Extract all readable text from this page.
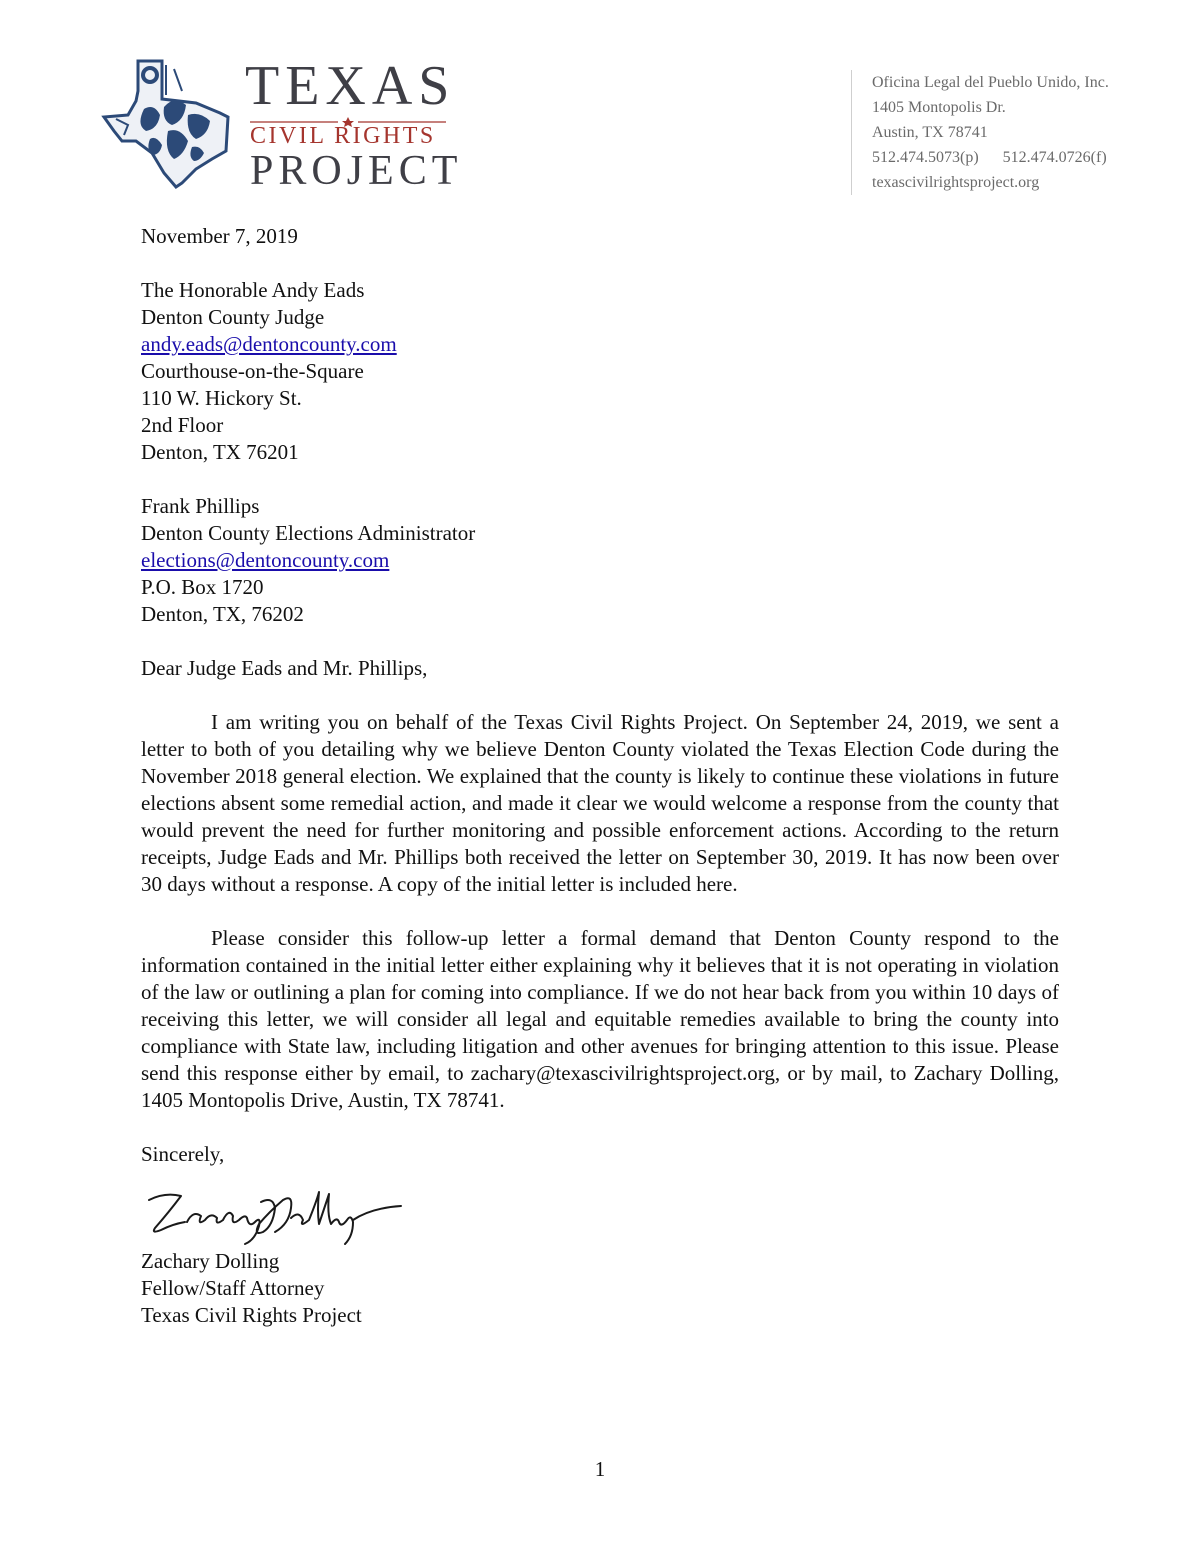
TEXAS
CIVIL RIGHTS
PROJECT
Oficina Legal del Pueblo Unido, Inc.
1405 Montopolis Dr.
Austin, TX 78741
512.474.5073(p) 512.474.0726(f)
texascivilrightsproject.org
November 7, 2019
The Honorable Andy Eads
Denton County Judge
andy.eads@dentoncounty.com
Courthouse-on-the-Square
110 W. Hickory St.
2nd Floor
Denton, TX 76201
Frank Phillips
Denton County Elections Administrator
elections@dentoncounty.com
P.O. Box 1720
Denton, TX, 76202
Dear Judge Eads and Mr. Phillips,
I am writing you on behalf of the Texas Civil Rights Project. On September 24, 2019, we sent a letter to both of you detailing why we believe Denton County violated the Texas Election Code during the November 2018 general election. We explained that the county is likely to continue these violations in future elections absent some remedial action, and made it clear we would welcome a response from the county that would prevent the need for further monitoring and possible enforcement actions. According to the return receipts, Judge Eads and Mr. Phillips both received the letter on September 30, 2019. It has now been over 30 days without a response. A copy of the initial letter is included here.
Please consider this follow-up letter a formal demand that Denton County respond to the information contained in the initial letter either explaining why it believes that it is not operating in violation of the law or outlining a plan for coming into compliance. If we do not hear back from you within 10 days of receiving this letter, we will consider all legal and equitable remedies available to bring the county into compliance with State law, including litigation and other avenues for bringing attention to this issue. Please send this response either by email, to zachary@texascivilrightsproject.org, or by mail, to Zachary Dolling, 1405 Montopolis Drive, Austin, TX 78741.
Sincerely,
Zachary Dolling
Fellow/Staff Attorney
Texas Civil Rights Project
1
